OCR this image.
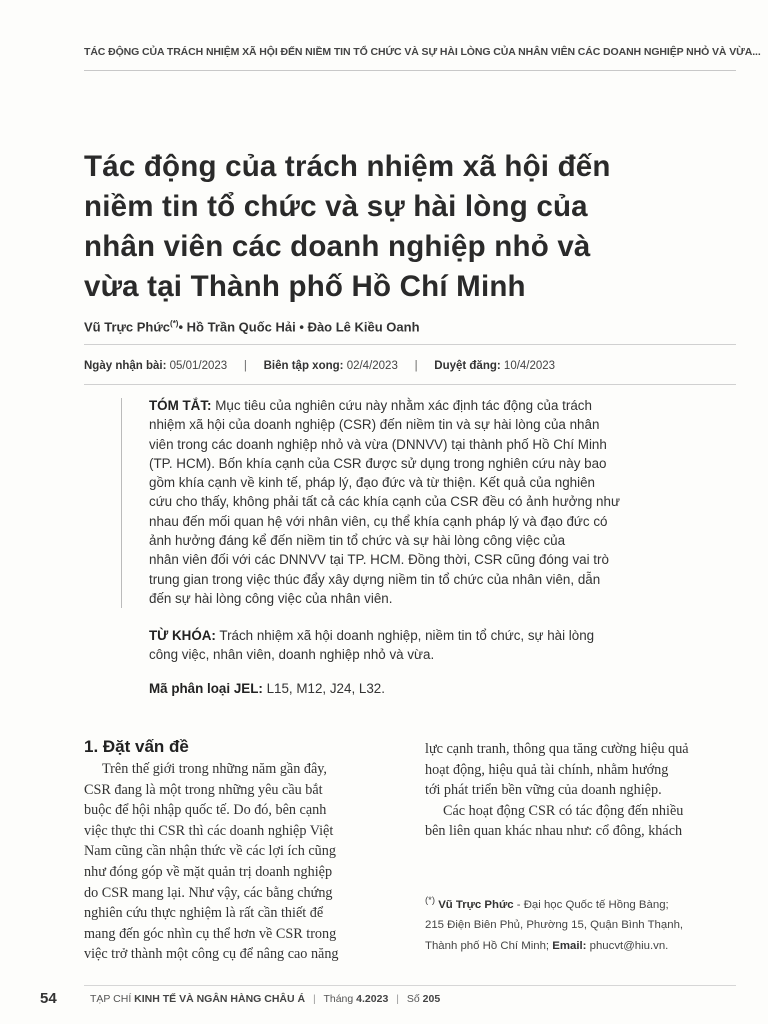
TÁC ĐỘNG CỦA TRÁCH NHIỆM XÃ HỘI ĐẾN NIỀM TIN TỔ CHỨC VÀ SỰ HÀI LÒNG CỦA NHÂN VIÊN CÁC DOANH NGHIỆP NHỎ VÀ VỪA...
Tác động của trách nhiệm xã hội đến
niềm tin tổ chức và sự hài lòng của
nhân viên các doanh nghiệp nhỏ và
vừa tại Thành phố Hồ Chí Minh
Vũ Trực Phức(*)• Hồ Trần Quốc Hải • Đào Lê Kiều Oanh
Ngày nhận bài: 05/01/2023 | Biên tập xong: 02/4/2023 | Duyệt đăng: 10/4/2023
TÓM TẮT: Mục tiêu của nghiên cứu này nhằm xác định tác động của trách
nhiệm xã hội của doanh nghiệp (CSR) đến niềm tin và sự hài lòng của nhân
viên trong các doanh nghiệp nhỏ và vừa (DNNVV) tại thành phố Hồ Chí Minh
(TP. HCM). Bốn khía cạnh của CSR được sử dụng trong nghiên cứu này bao
gồm khía cạnh về kinh tế, pháp lý, đạo đức và từ thiện. Kết quả của nghiên
cứu cho thấy, không phải tất cả các khía cạnh của CSR đều có ảnh hưởng như
nhau đến mối quan hệ với nhân viên, cụ thể khía cạnh pháp lý và đạo đức có
ảnh hưởng đáng kể đến niềm tin tổ chức và sự hài lòng công việc của
nhân viên đối với các DNNVV tại TP. HCM. Đồng thời, CSR cũng đóng vai trò
trung gian trong việc thúc đẩy xây dựng niềm tin tổ chức của nhân viên, dẫn
đến sự hài lòng công việc của nhân viên.
TỪ KHÓA: Trách nhiệm xã hội doanh nghiệp, niềm tin tổ chức, sự hài lòng
công việc, nhân viên, doanh nghiệp nhỏ và vừa.
Mã phân loại JEL: L15, M12, J24, L32.
1. Đặt vấn đề
Trên thế giới trong những năm gần đây,
CSR đang là một trong những yêu cầu bắt
buộc để hội nhập quốc tế. Do đó, bên cạnh
việc thực thi CSR thì các doanh nghiệp Việt
Nam cũng cần nhận thức về các lợi ích cũng
như đóng góp về mặt quản trị doanh nghiệp
do CSR mang lại. Như vậy, các bằng chứng
nghiên cứu thực nghiệm là rất cần thiết để
mang đến góc nhìn cụ thể hơn về CSR trong
việc trở thành một công cụ để nâng cao năng
lực cạnh tranh, thông qua tăng cường hiệu quả
hoạt động, hiệu quả tài chính, nhằm hướng
tới phát triển bền vững của doanh nghiệp.
Các hoạt động CSR có tác động đến nhiều
bên liên quan khác nhau như: cổ đông, khách
(*) Vũ Trực Phức - Đại học Quốc tế Hồng Bàng;
215 Điện Biên Phủ, Phường 15, Quận Bình Thạnh,
Thành phố Hồ Chí Minh; Email: phucvt@hiu.vn.
54	TẠP CHÍ KINH TẾ VÀ NGÂN HÀNG CHÂU Á | Tháng 4.2023 | Số 205
